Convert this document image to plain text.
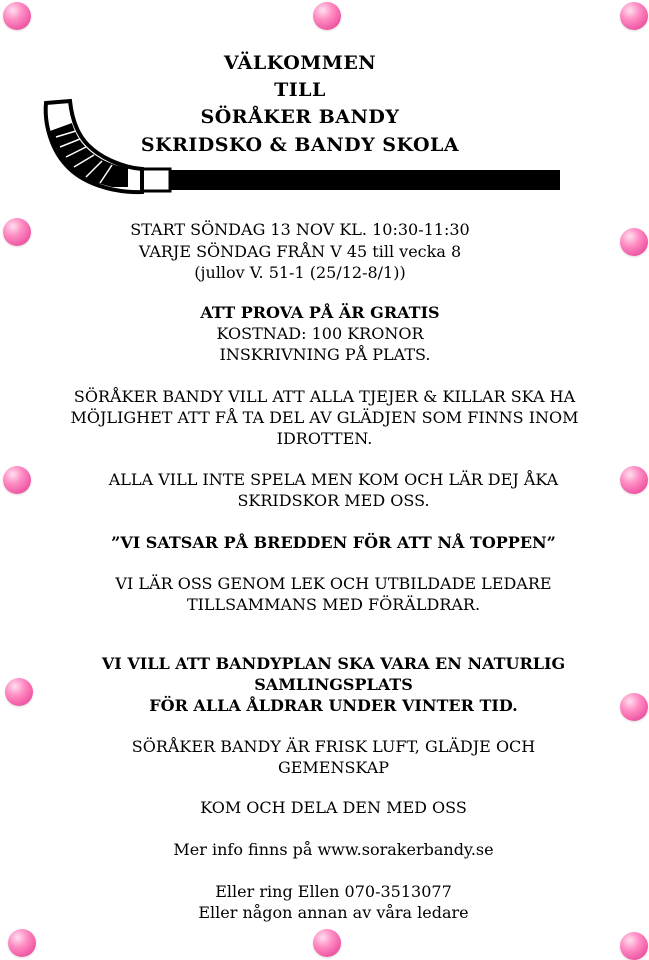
VÄLKOMMEN
TILL
SÖRÅKER BANDY
SKRIDSKO & BANDY SKOLA
START SÖNDAG 13 NOV KL. 10:30-11:30
VARJE SÖNDAG FRÅN V 45 till vecka 8
(jullov V. 51-1 (25/12-8/1))
ATT PROVA PÅ ÄR GRATIS
KOSTNAD: 100 KRONOR
INSKRIVNING PÅ PLATS.
SÖRÅKER BANDY VILL ATT ALLA TJEJER & KILLAR SKA HA
MÖJLIGHET ATT FÅ TA DEL AV GLÄDJEN SOM FINNS INOM
IDROTTEN.
ALLA VILL INTE SPELA MEN KOM OCH LÄR DEJ ÅKA
SKRIDSKOR MED OSS.
”VI SATSAR PÅ BREDDEN FÖR ATT NÅ TOPPEN”
VI LÄR OSS GENOM LEK OCH UTBILDADE LEDARE
TILLSAMMANS MED FÖRÄLDRAR.
VI VILL ATT BANDYPLAN SKA VARA EN NATURLIG
SAMLINGSPLATS
FÖR ALLA ÅLDRAR UNDER VINTER TID.
SÖRÅKER BANDY ÄR FRISK LUFT, GLÄDJE OCH
GEMENSKAP
KOM OCH DELA DEN MED OSS
Mer info finns på www.sorakerbandy.se
Eller ring Ellen 070-3513077
Eller någon annan av våra ledare
